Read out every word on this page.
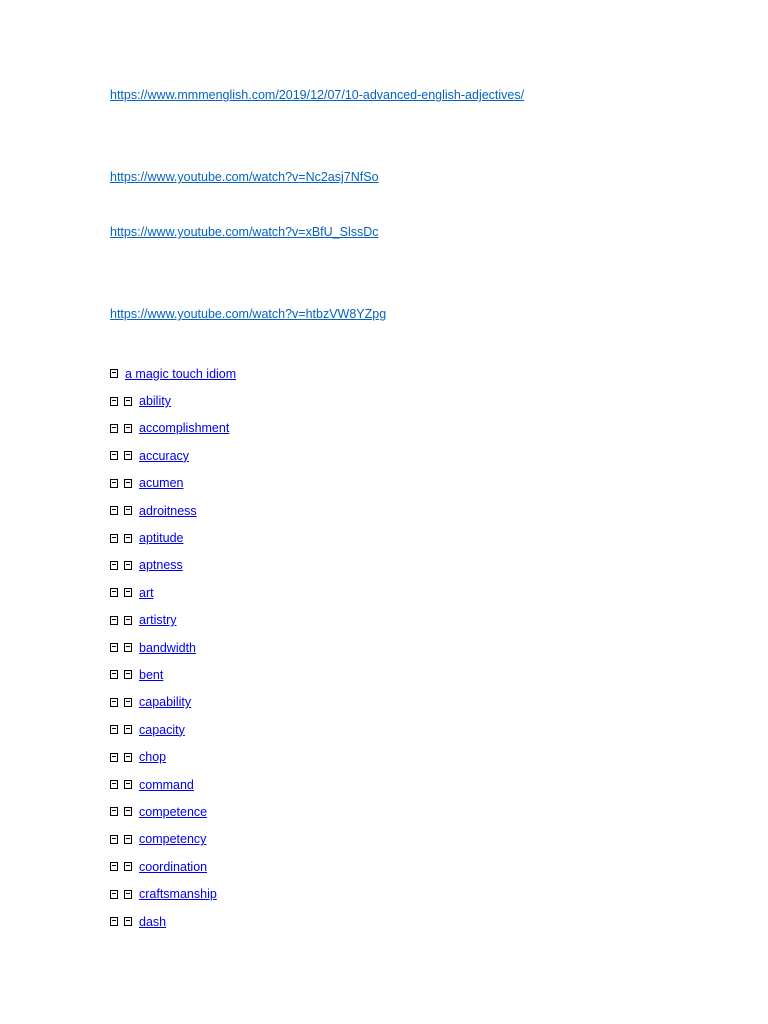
https://www.mmmenglish.com/2019/12/07/10-advanced-english-adjectives/
https://www.youtube.com/watch?v=Nc2asj7NfSo
https://www.youtube.com/watch?v=xBfU_SlssDc
https://www.youtube.com/watch?v=htbzVW8YZpg
a magic touch idiom
ability
accomplishment
accuracy
acumen
adroitness
aptitude
aptness
art
artistry
bandwidth
bent
capability
capacity
chop
command
competence
competency
coordination
craftsmanship
dash
